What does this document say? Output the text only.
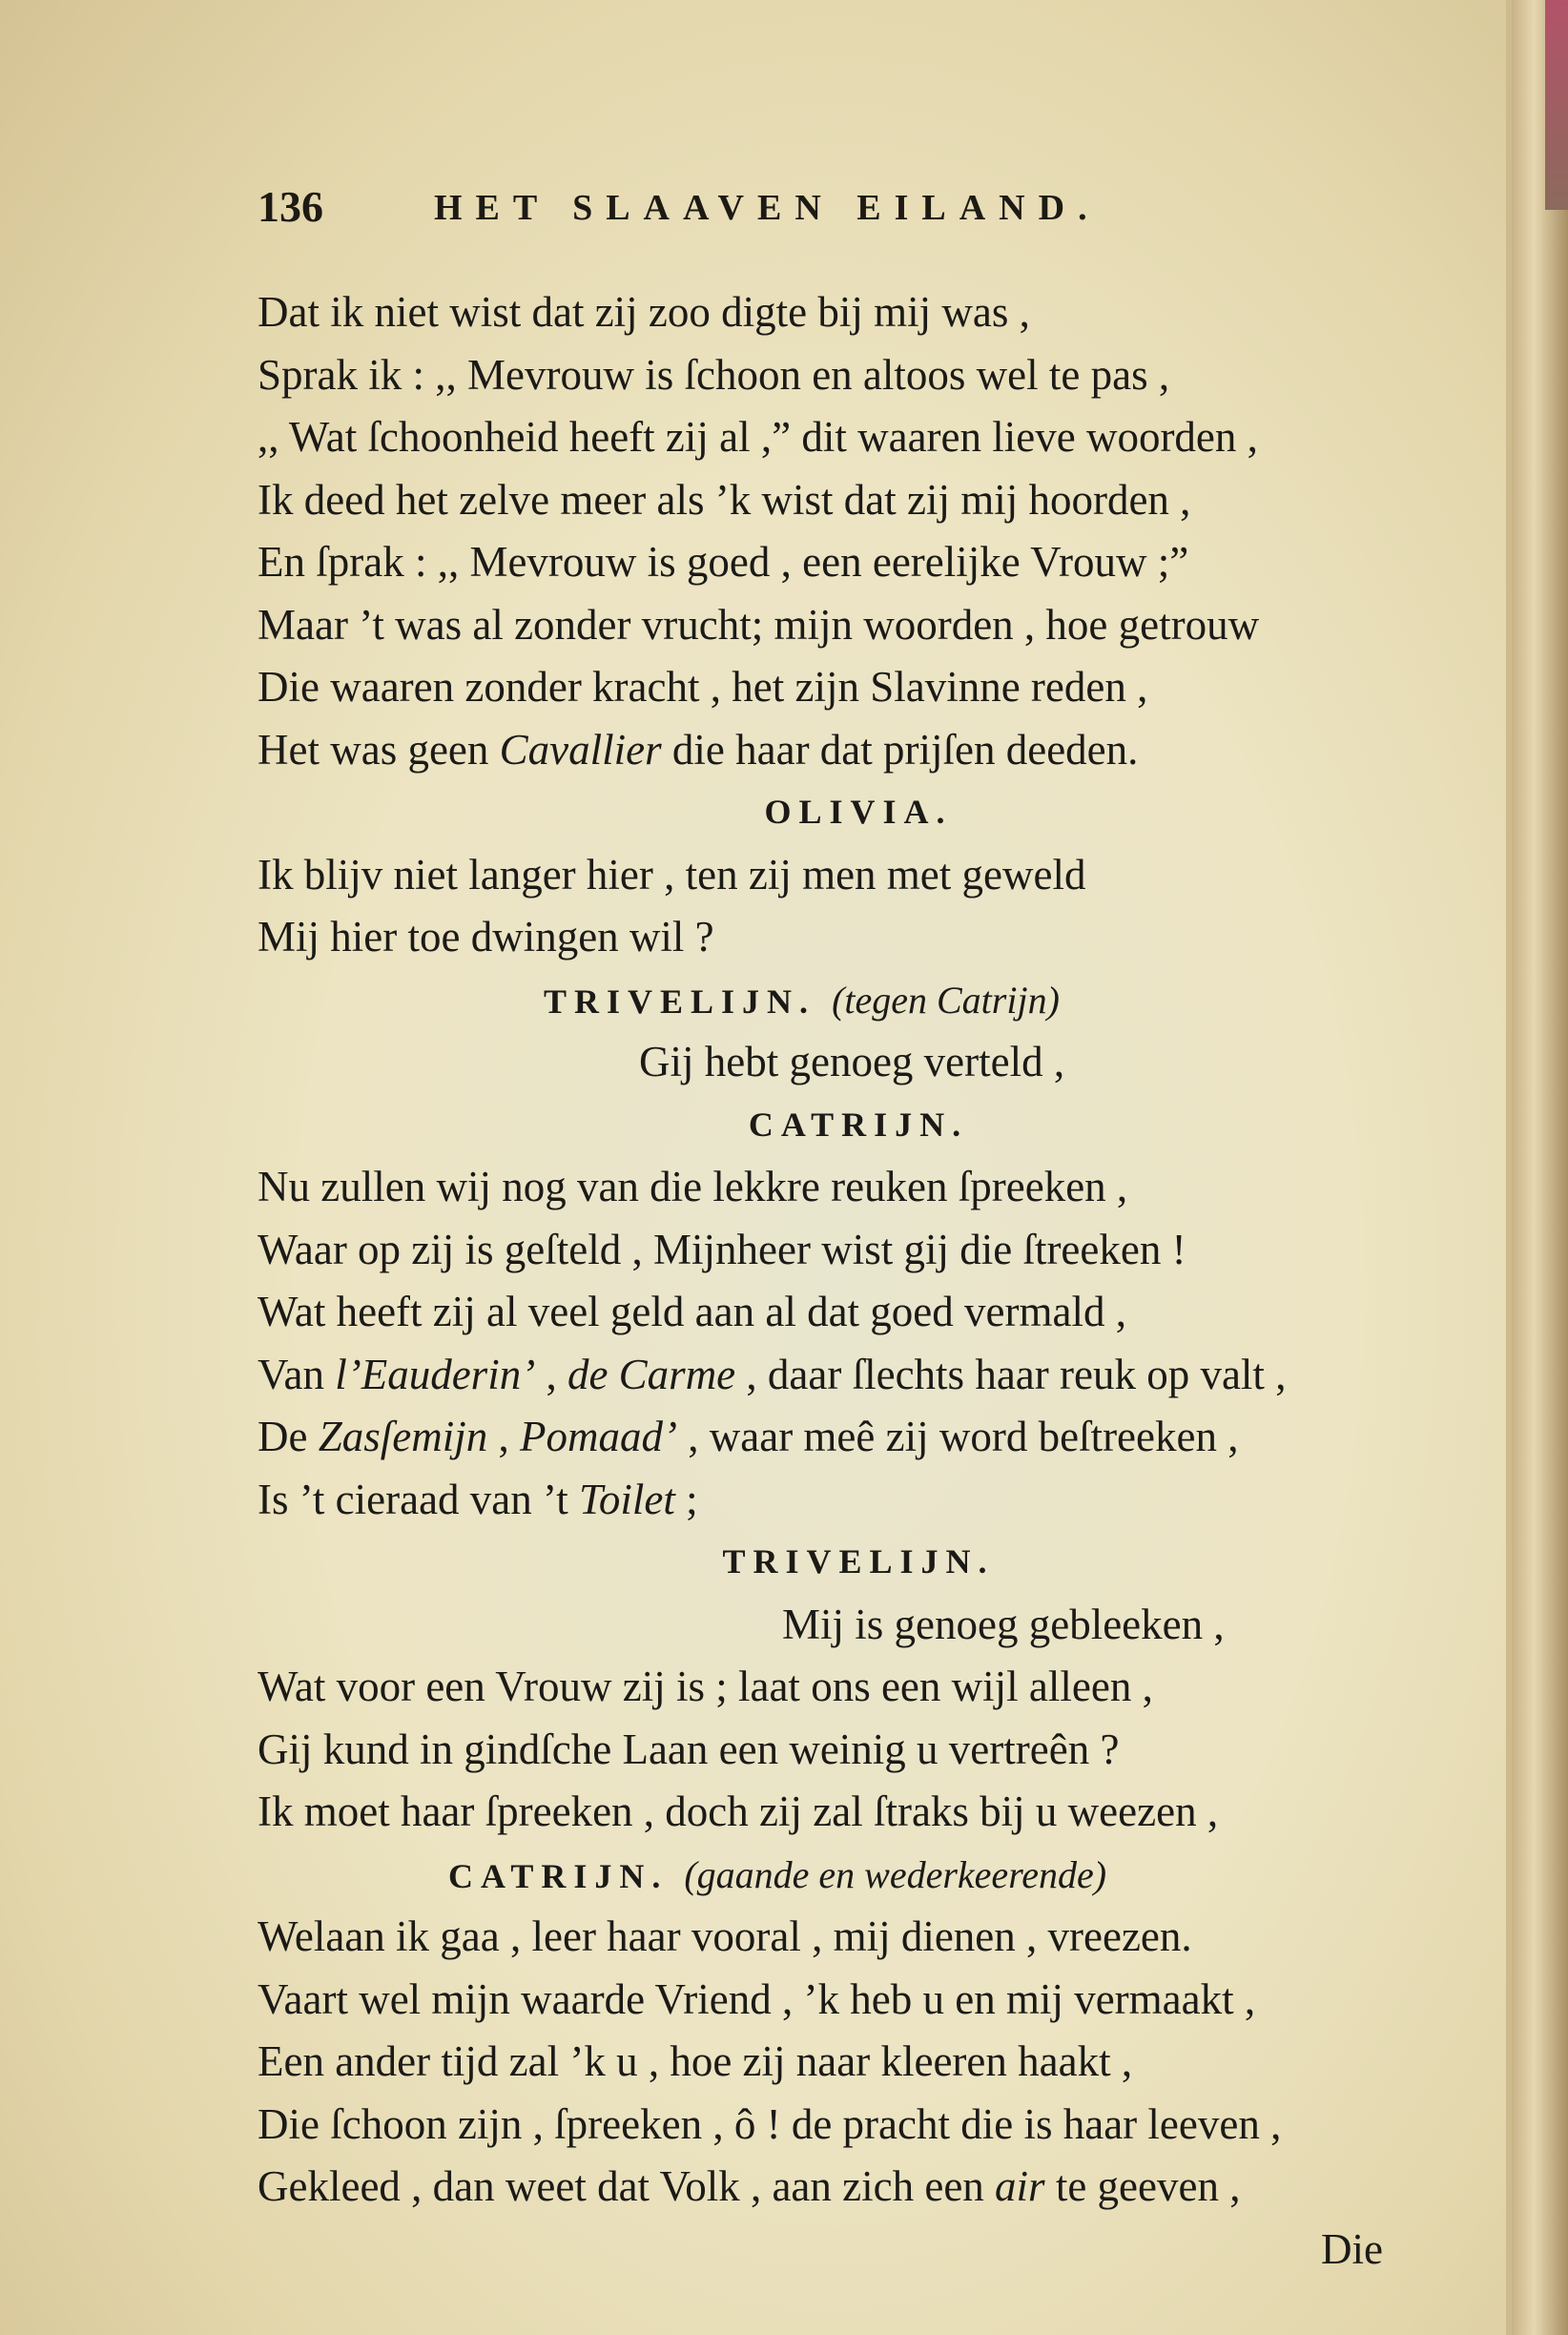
136	HET SLAAVEN EILAND.
Dat ik niet wist dat zij zoo digte bij mij was ,
Sprak ik : ,, Mevrouw is ſchoon en altoos wel te pas ,
,, Wat ſchoonheid heeft zij al ,” dit waaren lieve woorden ,
Ik deed het zelve meer als ’k wist dat zij mij hoorden ,
En ſprak : ,, Mevrouw is goed , een eerelijke Vrouw ;”
Maar ’t was al zonder vrucht; mijn woorden , hoe getrouw
Die waaren zonder kracht , het zijn Slavinne reden ,
Het was geen Cavallier die haar dat prijſen deeden.
OLIVIA.
Ik blijv niet langer hier , ten zij men met geweld
Mij hier toe dwingen wil ?
TRIVELIJN. (tegen Catrijn)
Gij hebt genoeg verteld ,
CATRIJN.
Nu zullen wij nog van die lekkre reuken ſpreeken ,
Waar op zij is geſteld , Mijnheer wist gij die ſtreeken !
Wat heeft zij al veel geld aan al dat goed vermald ,
Van l’Eauderin’ , de Carme , daar ſlechts haar reuk op valt ,
De Zasſemijn , Pomaad’ , waar meê zij word beſtreeken ,
Is ’t cieraad van ’t Toilet ;
TRIVELIJN.
Mij is genoeg gebleeken ,
Wat voor een Vrouw zij is ; laat ons een wijl alleen ,
Gij kund in gindſche Laan een weinig u vertreên ?
Ik moet haar ſpreeken , doch zij zal ſtraks bij u weezen ,
CATRIJN. (gaande en wederkeerende)
Welaan ik gaa , leer haar vooral , mij dienen , vreezen.
Vaart wel mijn waarde Vriend , ’k heb u en mij vermaakt ,
Een ander tijd zal ’k u , hoe zij naar kleeren haakt ,
Die ſchoon zijn , ſpreeken , ô ! de pracht die is haar leeven ,
Gekleed , dan weet dat Volk , aan zich een air te geeven ,
Die
